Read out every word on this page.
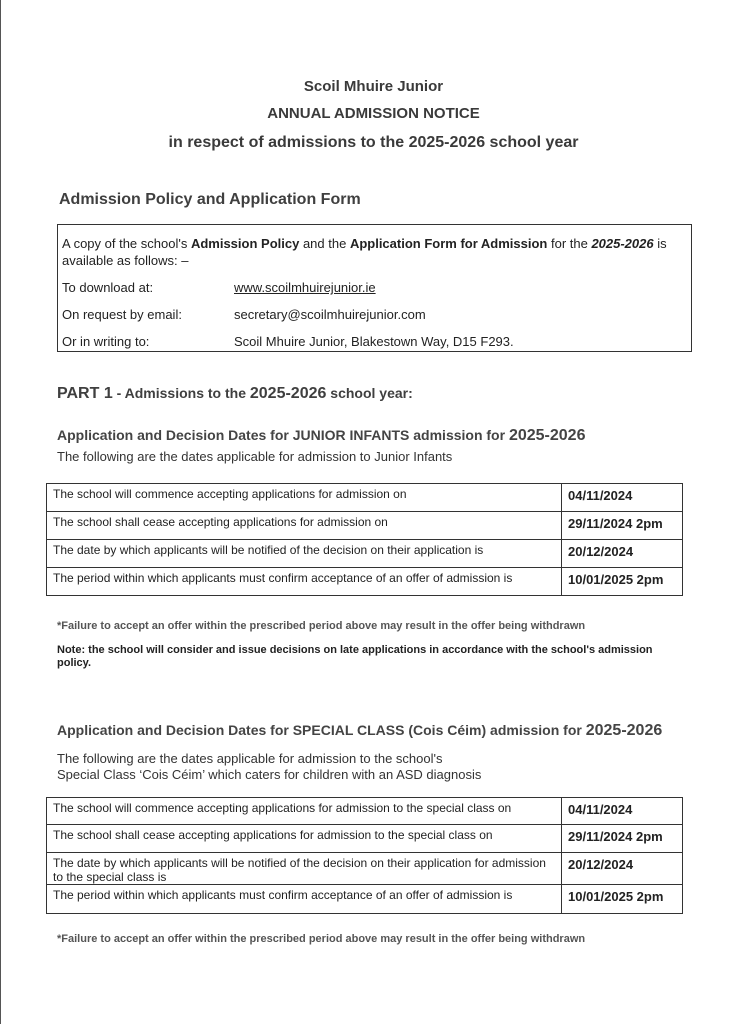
Scoil Mhuire Junior
ANNUAL ADMISSION NOTICE
in respect of admissions to the 2025-2026 school year
Admission Policy and Application Form
A copy of the school's Admission Policy and the Application Form for Admission for the 2025-2026 is available as follows: –
To download at:	www.scoilmhuirejunior.ie
On request by email:	secretary@scoilmhuirejunior.com
Or in writing to:	Scoil Mhuire Junior, Blakestown Way, D15 F293.
PART 1 - Admissions to the 2025-2026 school year:
Application and Decision Dates for JUNIOR INFANTS admission for 2025-2026
The following are the dates applicable for admission to Junior Infants
The school will commence accepting applications for admission on	04/11/2024
The school shall cease accepting applications for admission on	29/11/2024 2pm
The date by which applicants will be notified of the decision on their application is	20/12/2024
The period within which applicants must confirm acceptance of an offer of admission is	10/01/2025 2pm
*Failure to accept an offer within the prescribed period above may result in the offer being withdrawn
Note: the school will consider and issue decisions on late applications in accordance with the school's admission policy.
Application and Decision Dates for SPECIAL CLASS (Cois Céim) admission for 2025-2026
The following are the dates applicable for admission to the school's
Special Class ‘Cois Céim’ which caters for children with an ASD diagnosis
The school will commence accepting applications for admission to the special class on	04/11/2024
The school shall cease accepting applications for admission to the special class on	29/11/2024 2pm
The date by which applicants will be notified of the decision on their application for admission to the special class is	20/12/2024
The period within which applicants must confirm acceptance of an offer of admission is	10/01/2025 2pm
*Failure to accept an offer within the prescribed period above may result in the offer being withdrawn
